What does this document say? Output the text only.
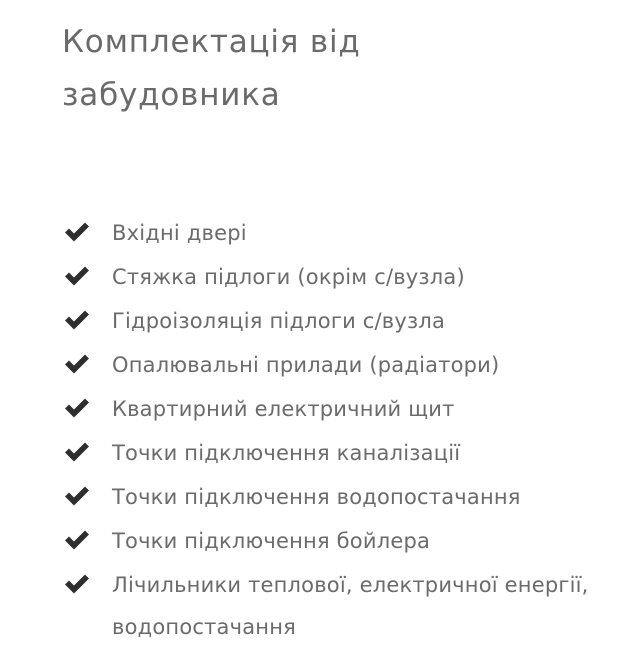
Комплектація від
забудовника
Вхідні двері
Стяжка підлоги (окрім с/вузла)
Гідроізоляція підлоги с/вузла
Опалювальні прилади (радіатори)
Квартирний електричний щит
Точки підключення каналізації
Точки підключення водопостачання
Точки підключення бойлера
Лічильники теплової, електричної енергії, водопостачання
